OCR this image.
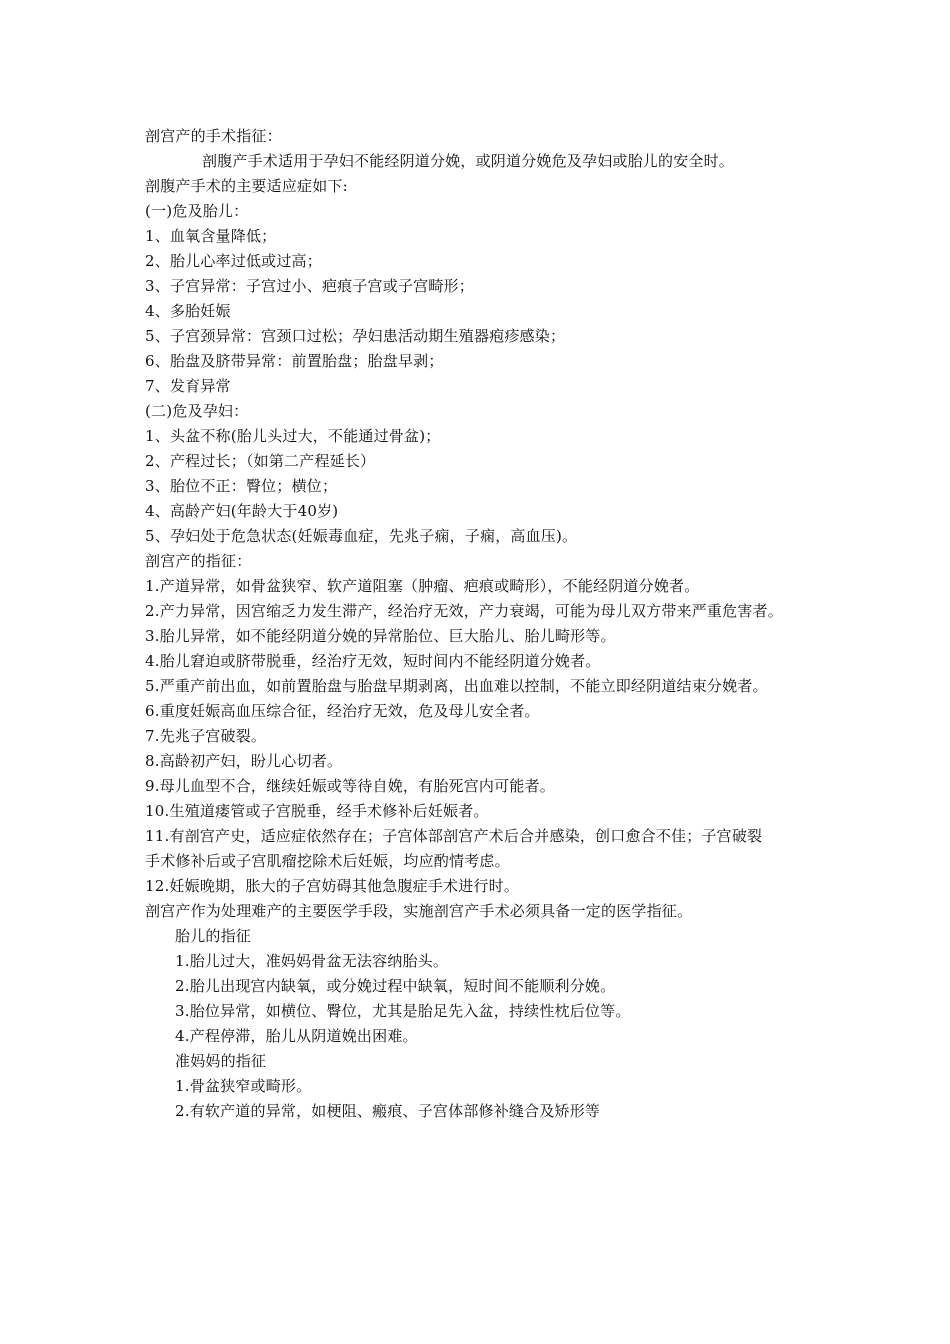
剖宫产的手术指征：
剖腹产手术适用于孕妇不能经阴道分娩，或阴道分娩危及孕妇或胎儿的安全时。
剖腹产手术的主要适应症如下:
(一)危及胎儿：
1、血氧含量降低；
2、胎儿心率过低或过高；
3、子宫异常：子宫过小、疤痕子宫或子宫畸形；
4、多胎妊娠
5、子宫颈异常：宫颈口过松；孕妇患活动期生殖器疱疹感染；
6、胎盘及脐带异常：前置胎盘；胎盘早剥；
7、发育异常
(二)危及孕妇：
1、头盆不称(胎儿头过大，不能通过骨盆)；
2、产程过长；（如第二产程延长）
3、胎位不正：臀位；横位；
4、高龄产妇(年龄大于40岁)
5、孕妇处于危急状态(妊娠毒血症，先兆子痫，子痫，高血压)。
剖宫产的指征：
1.产道异常，如骨盆狭窄、软产道阻塞（肿瘤、疤痕或畸形），不能经阴道分娩者。
2.产力异常，因宫缩乏力发生滞产，经治疗无效，产力衰竭，可能为母儿双方带来严重危害者。
3.胎儿异常，如不能经阴道分娩的异常胎位、巨大胎儿、胎儿畸形等。
4.胎儿窘迫或脐带脱垂，经治疗无效，短时间内不能经阴道分娩者。
5.严重产前出血，如前置胎盘与胎盘早期剥离，出血难以控制，不能立即经阴道结束分娩者。
6.重度妊娠高血压综合征，经治疗无效，危及母儿安全者。
7.先兆子宫破裂。
8.高龄初产妇，盼儿心切者。
9.母儿血型不合，继续妊娠或等待自娩，有胎死宫内可能者。
10.生殖道瘘管或子宫脱垂，经手术修补后妊娠者。
11.有剖宫产史，适应症依然存在；子宫体部剖宫产术后合并感染，创口愈合不佳；子宫破裂
手术修补后或子宫肌瘤挖除术后妊娠，均应酌情考虑。
12.妊娠晚期，胀大的子宫妨碍其他急腹症手术进行时。
剖宫产作为处理难产的主要医学手段，实施剖宫产手术必须具备一定的医学指征。
胎儿的指征
1.胎儿过大，准妈妈骨盆无法容纳胎头。
2.胎儿出现宫内缺氧，或分娩过程中缺氧，短时间不能顺利分娩。
3.胎位异常，如横位、臀位，尤其是胎足先入盆，持续性枕后位等。
4.产程停滞，胎儿从阴道娩出困难。
准妈妈的指征
1.骨盆狭窄或畸形。
2.有软产道的异常，如梗阻、瘢痕、子宫体部修补缝合及矫形等
